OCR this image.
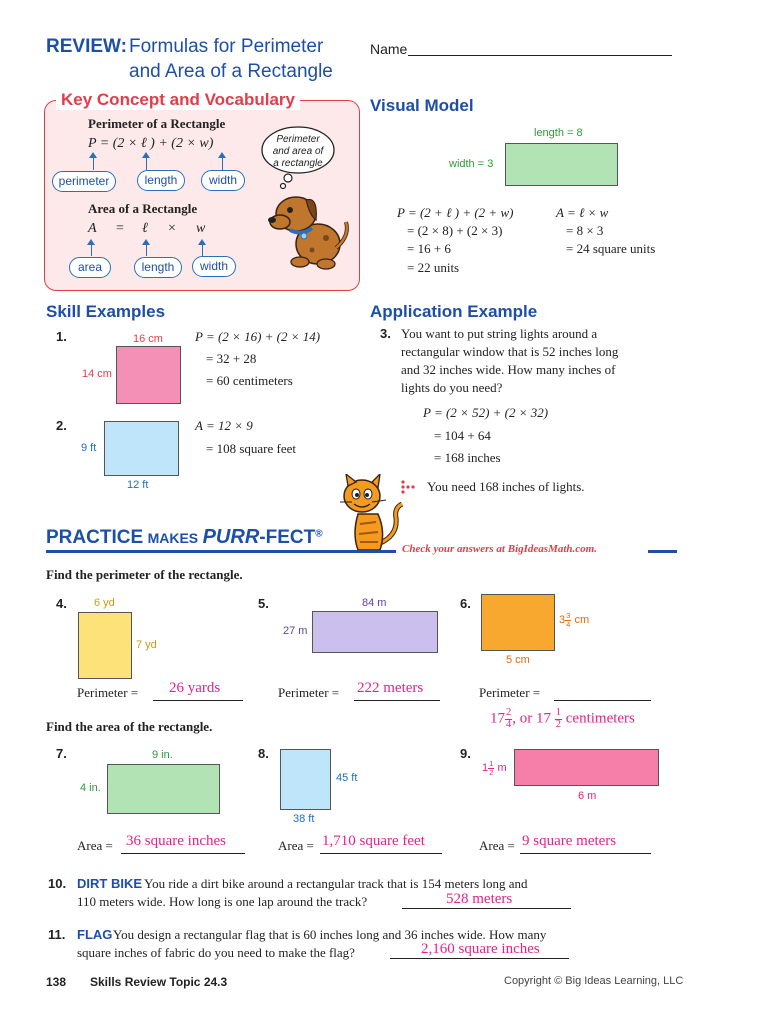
REVIEW: Formulas for Perimeter
and Area of a Rectangle
Name
Key Concept and Vocabulary
Perimeter of a Rectangle
P = (2 × ℓ ) + (2 × w)
perimeter	length	width
Area of a Rectangle
A = ℓ × w
area	length	width
Perimeter
and area of
a rectangle
Visual Model
length = 8
width = 3
P = (2 + ℓ ) + (2 + w)
= (2 × 8) + (2 × 3)
= 16 + 6
= 22 units
A = ℓ × w
= 8 × 3
= 24 square units
Skill Examples
1.	16 cm
14 cm
P = (2 × 16) + (2 × 14)
= 32 + 28
= 60 centimeters
2.
9 ft
12 ft
A = 12 × 9
= 108 square feet
Application Example
3. You want to put string lights around a
rectangular window that is 52 inches long
and 32 inches wide. How many inches of
lights do you need?
P = (2 × 52) + (2 × 32)
= 104 + 64
= 168 inches
You need 168 inches of lights.
PRACTICE MAKES PURR-FECT®
Check your answers at BigIdeasMath.com.
Find the perimeter of the rectangle.
4. 6 yd
7 yd
Perimeter = 26 yards
5.	84 m
27 m
Perimeter = 222 meters
6.
$3 \frac{3}{4}$ cm
5 cm
Perimeter =
$17 \frac{2}{4}$ , or $17 \frac{1}{2}$ centimeters
Find the area of the rectangle.
7.	9 in.
4 in.
Area = 36 square inches
8.
45 ft
38 ft
Area = 1,710 square feet
9.
$1 \frac{1}{2}$ m
6 m
Area = 9 square meters
10. DIRT BIKE You ride a dirt bike around a rectangular track that is 154 meters long and
110 meters wide. How long is one lap around the track?	528 meters
11. FLAG You design a rectangular flag that is 60 inches long and 36 inches wide. How many
square inches of fabric do you need to make the flag?	2,160 square inches
138 Skills Review Topic 24.3	Copyright © Big Ideas Learning, LLC
